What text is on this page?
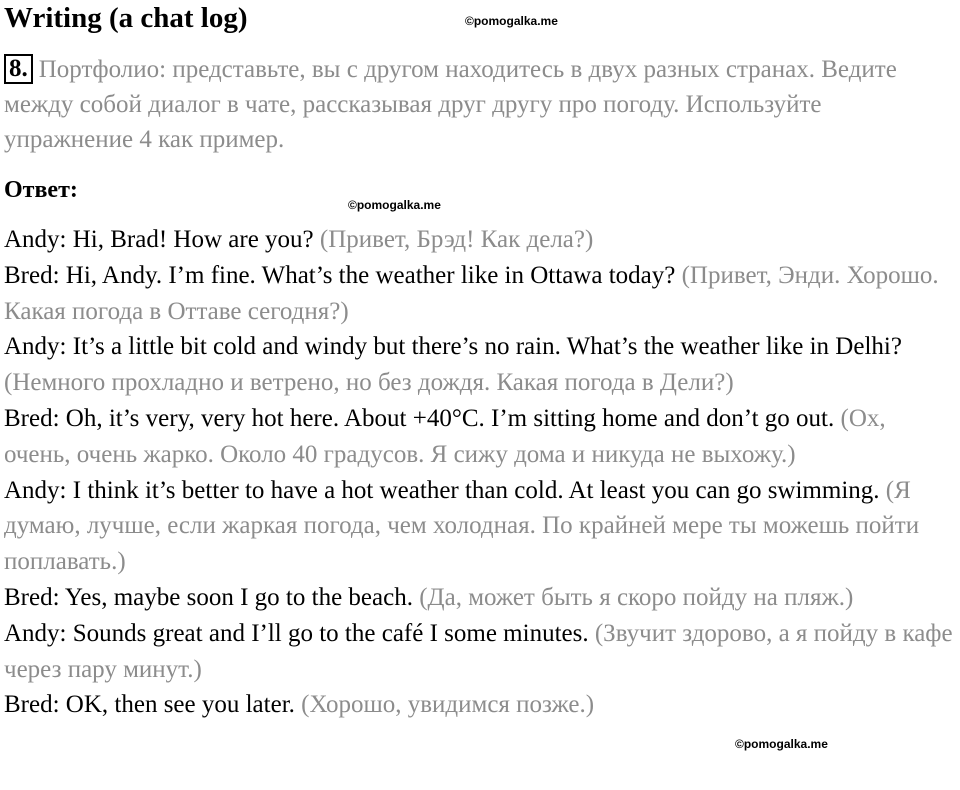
Writing (a chat log)	©pomogalka.me
8. Портфолио: представьте, вы с другом находитесь в двух разных странах. Ведите между собой диалог в чате, рассказывая друг другу про погоду. Используйте упражнение 4 как пример.
Ответ:
©pomogalka.me

Andy: Hi, Brad! How are you? (Привет, Брэд! Как дела?)

Bred: Hi, Andy. I’m fine. What’s the weather like in Ottawa today? (Привет, Энди. Хорошо. Какая погода в Оттаве сегодня?)

Andy: It’s a little bit cold and windy but there’s no rain. What’s the weather like in Delhi? (Немного прохладно и ветрено, но без дождя. Какая погода в Дели?)

Bred: Oh, it’s very, very hot here. About +40°C. I’m sitting home and don’t go out. (Ох, очень, очень жарко. Около 40 градусов. Я сижу дома и никуда не выхожу.)

Andy: I think it’s better to have a hot weather than cold. At least you can go swimming. (Я думаю, лучше, если жаркая погода, чем холодная. По крайней мере ты можешь пойти поплавать.)

Bred: Yes, maybe soon I go to the beach. (Да, может быть я скоро пойду на пляж.)

Andy: Sounds great and I’ll go to the café I some minutes. (Звучит здорово, а я пойду в кафе через пару минут.)

Bred: OK, then see you later. (Хорошо, увидимся позже.)

©pomogalka.me
